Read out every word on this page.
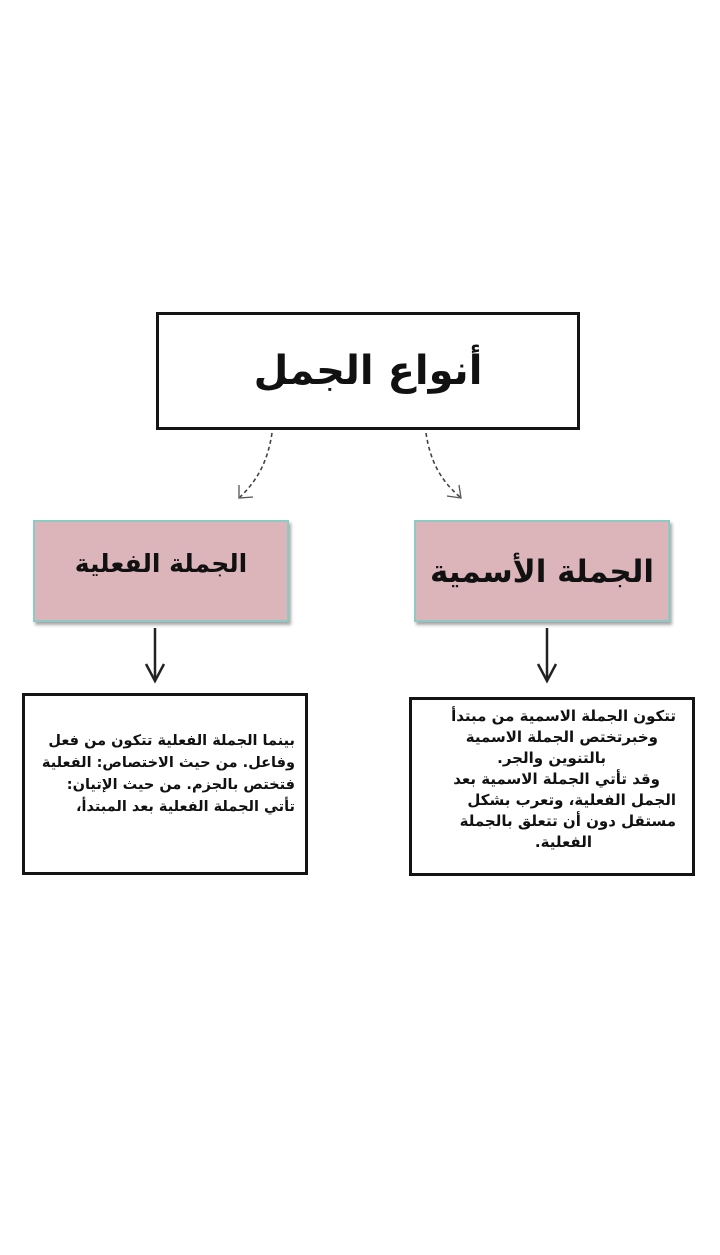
أنواع الجمل
الجملة الأسمية
الجملة الفعلية

بينما الجملة الفعلية تتكون من فعل

وفاعل. من حيث الاختصاص: الفعلية

فتختص بالجزم. من حيث الإتيان:

تأتي الجملة الفعلية بعد المبتدأ،

تتكون الجملة الاسمية من مبتدأ

وخبرتختص الجملة الاسمية

بالتنوين والجر.

وقد تأتي الجملة الاسمية بعد

الجمل الفعلية، وتعرب بشكل

مستقل دون أن تتعلق بالجملة

الفعلية.
